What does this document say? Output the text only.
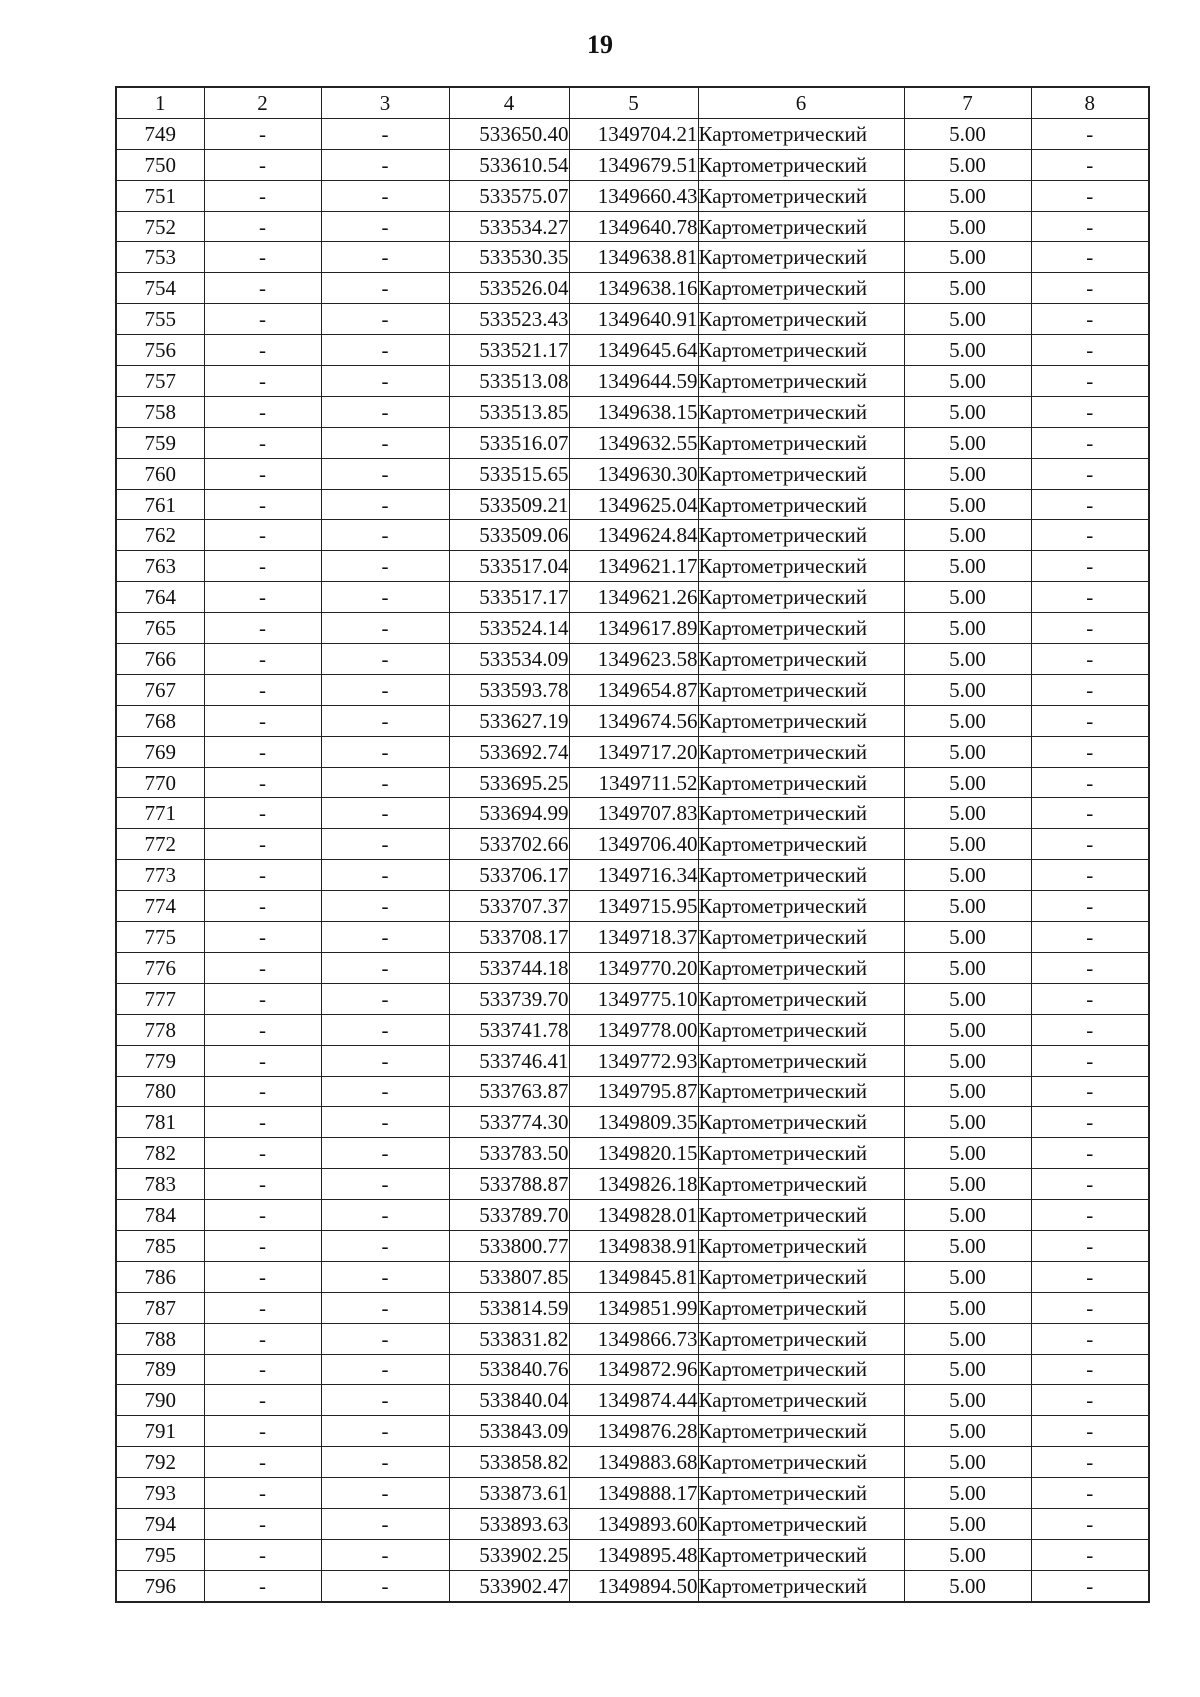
19
1	2	3	4	5	6	7	8
749	-	-	533650.40	1349704.21	Картометрический	5.00	-
750	-	-	533610.54	1349679.51	Картометрический	5.00	-
751	-	-	533575.07	1349660.43	Картометрический	5.00	-
752	-	-	533534.27	1349640.78	Картометрический	5.00	-
753	-	-	533530.35	1349638.81	Картометрический	5.00	-
754	-	-	533526.04	1349638.16	Картометрический	5.00	-
755	-	-	533523.43	1349640.91	Картометрический	5.00	-
756	-	-	533521.17	1349645.64	Картометрический	5.00	-
757	-	-	533513.08	1349644.59	Картометрический	5.00	-
758	-	-	533513.85	1349638.15	Картометрический	5.00	-
759	-	-	533516.07	1349632.55	Картометрический	5.00	-
760	-	-	533515.65	1349630.30	Картометрический	5.00	-
761	-	-	533509.21	1349625.04	Картометрический	5.00	-
762	-	-	533509.06	1349624.84	Картометрический	5.00	-
763	-	-	533517.04	1349621.17	Картометрический	5.00	-
764	-	-	533517.17	1349621.26	Картометрический	5.00	-
765	-	-	533524.14	1349617.89	Картометрический	5.00	-
766	-	-	533534.09	1349623.58	Картометрический	5.00	-
767	-	-	533593.78	1349654.87	Картометрический	5.00	-
768	-	-	533627.19	1349674.56	Картометрический	5.00	-
769	-	-	533692.74	1349717.20	Картометрический	5.00	-
770	-	-	533695.25	1349711.52	Картометрический	5.00	-
771	-	-	533694.99	1349707.83	Картометрический	5.00	-
772	-	-	533702.66	1349706.40	Картометрический	5.00	-
773	-	-	533706.17	1349716.34	Картометрический	5.00	-
774	-	-	533707.37	1349715.95	Картометрический	5.00	-
775	-	-	533708.17	1349718.37	Картометрический	5.00	-
776	-	-	533744.18	1349770.20	Картометрический	5.00	-
777	-	-	533739.70	1349775.10	Картометрический	5.00	-
778	-	-	533741.78	1349778.00	Картометрический	5.00	-
779	-	-	533746.41	1349772.93	Картометрический	5.00	-
780	-	-	533763.87	1349795.87	Картометрический	5.00	-
781	-	-	533774.30	1349809.35	Картометрический	5.00	-
782	-	-	533783.50	1349820.15	Картометрический	5.00	-
783	-	-	533788.87	1349826.18	Картометрический	5.00	-
784	-	-	533789.70	1349828.01	Картометрический	5.00	-
785	-	-	533800.77	1349838.91	Картометрический	5.00	-
786	-	-	533807.85	1349845.81	Картометрический	5.00	-
787	-	-	533814.59	1349851.99	Картометрический	5.00	-
788	-	-	533831.82	1349866.73	Картометрический	5.00	-
789	-	-	533840.76	1349872.96	Картометрический	5.00	-
790	-	-	533840.04	1349874.44	Картометрический	5.00	-
791	-	-	533843.09	1349876.28	Картометрический	5.00	-
792	-	-	533858.82	1349883.68	Картометрический	5.00	-
793	-	-	533873.61	1349888.17	Картометрический	5.00	-
794	-	-	533893.63	1349893.60	Картометрический	5.00	-
795	-	-	533902.25	1349895.48	Картометрический	5.00	-
796	-	-	533902.47	1349894.50	Картометрический	5.00	-
